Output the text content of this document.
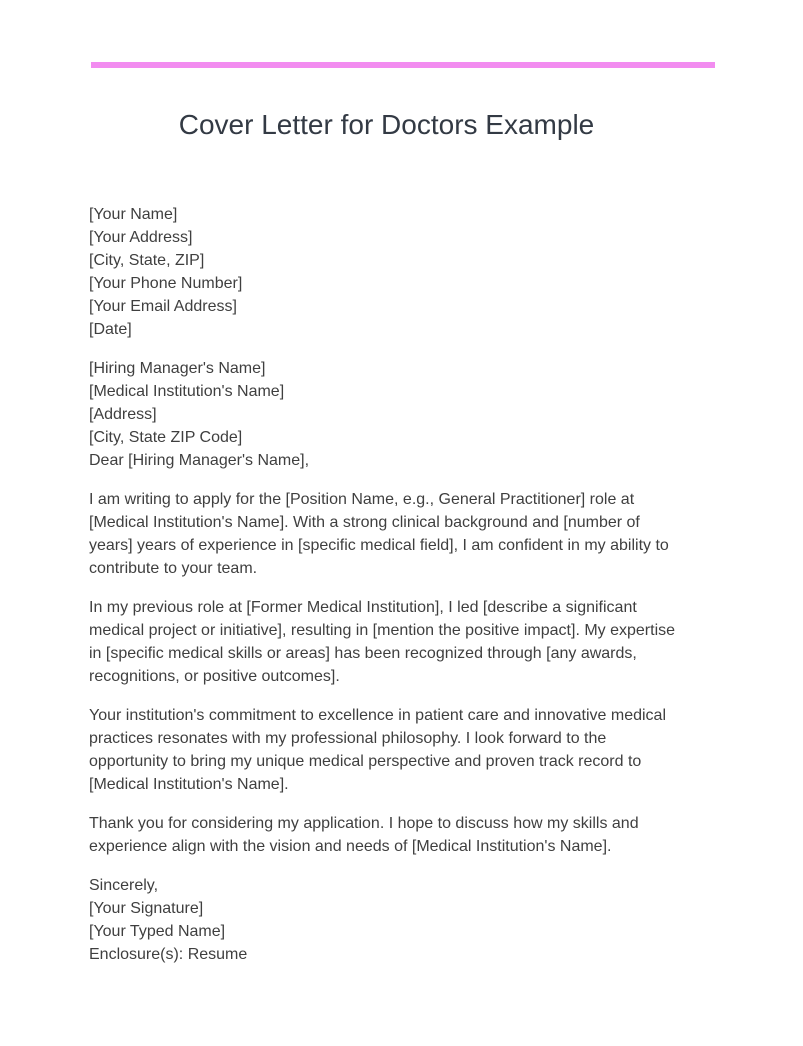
Cover Letter for Doctors Example

[Your Name]
[Your Address]
[City, State, ZIP]
[Your Phone Number]
[Your Email Address]
[Date]

[Hiring Manager's Name]
[Medical Institution's Name]
[Address]
[City, State ZIP Code]
Dear [Hiring Manager's Name],

I am writing to apply for the [Position Name, e.g., General Practitioner] role at
[Medical Institution's Name]. With a strong clinical background and [number of
years] years of experience in [specific medical field], I am confident in my ability to
contribute to your team.

In my previous role at [Former Medical Institution], I led [describe a significant
medical project or initiative], resulting in [mention the positive impact]. My expertise
in [specific medical skills or areas] has been recognized through [any awards,
recognitions, or positive outcomes].

Your institution's commitment to excellence in patient care and innovative medical
practices resonates with my professional philosophy. I look forward to the
opportunity to bring my unique medical perspective and proven track record to
[Medical Institution's Name].

Thank you for considering my application. I hope to discuss how my skills and
experience align with the vision and needs of [Medical Institution's Name].

Sincerely,
[Your Signature]
[Your Typed Name]
Enclosure(s): Resume
